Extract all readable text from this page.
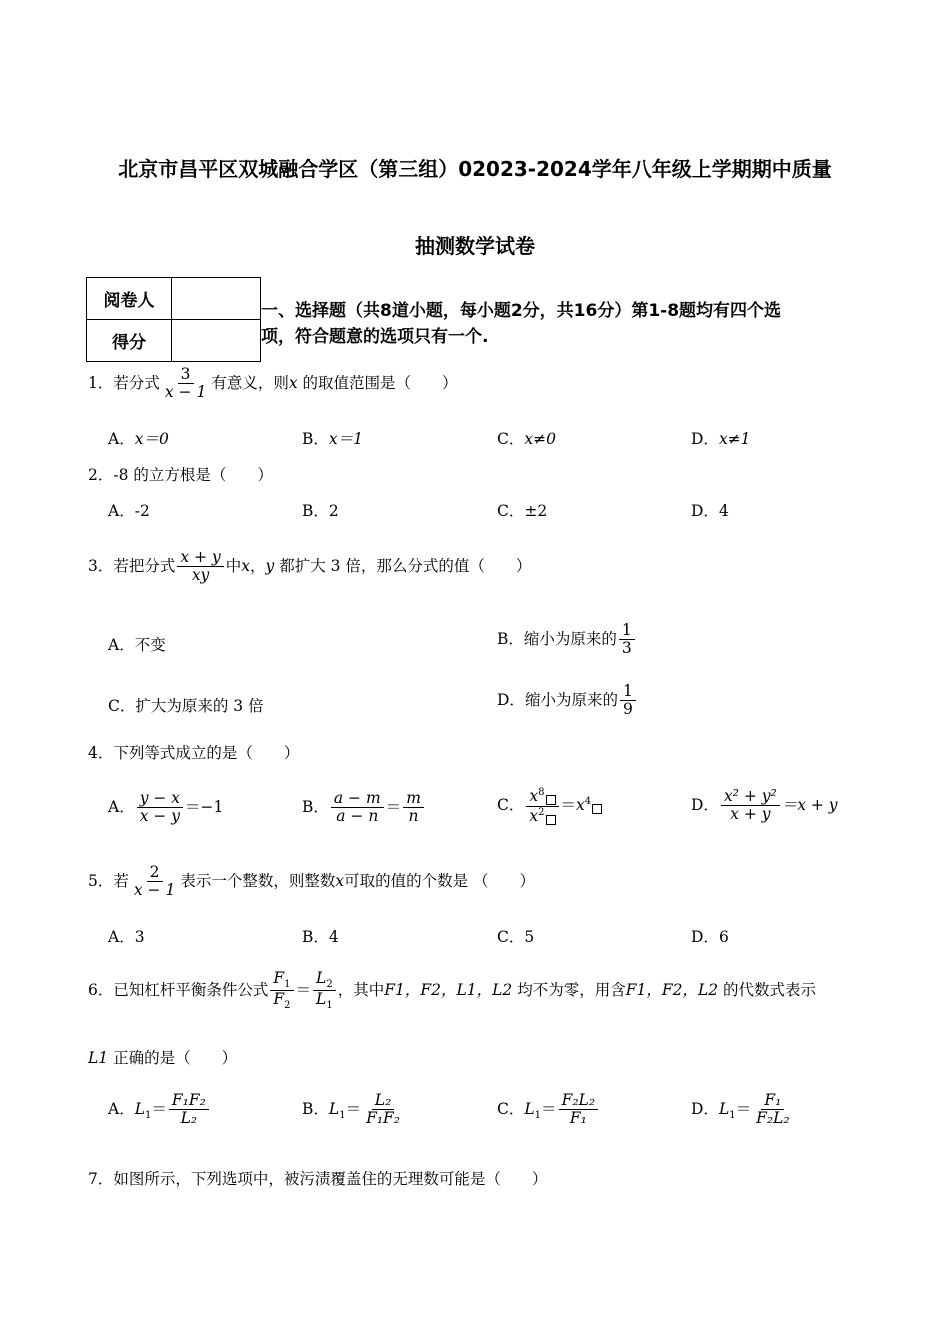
北京市昌平区双城融合学区（第三组）02023-2024学年八年级上学期期中质量
抽测数学试卷
阅卷人	
得分	
一、选择题（共8道小题，每小题2分，共16分）第1-8题均有四个选
项，符合题意的选项只有一个.
1．若分式 $\frac{3}{x - 1}$ 有意义，则x 的取值范围是（　　）
A．x＝0	B．x＝1	C．x≠0	D．x≠1
2．-8 的立方根是（　　）
A．-2	B．2	C．±2	D．4
3．若把分式 $\frac{x + y}{xy}$ 中x，y 都扩大 3 倍，那么分式的值（　　）
A．不变	B．缩小为原来的 $\frac{1}{3}$
C．扩大为原来的 3 倍	D．缩小为原来的 $\frac{1}{9}$
4．下列等式成立的是（　　）
A． $\frac{y - x}{x - y} =-1$	B． $\frac{a - m}{a - n} = \frac{m}{n}$	C． $\frac{x^8}{x^2} =x^4$	D． $\frac{\text{x² + y²}}{x + y} =x + y$
5．若 $\frac{2}{x - 1}$ 表示一个整数，则整数x可取的值的个数是 （　　）
A．3	B．4	C．5	D．6
6．已知杠杆平衡条件公式 $\frac{F_1}{F_2} = \frac{L_2}{L_1}$ ，其中F1，F2，L1，L2 均不为零，用含F1，F2，L2 的代数式表示
L1 正确的是（　　）
A．$L_1= \frac{\text{F₁F₂}}{\text{L₂}}$	B．$L_1= \frac{\text{L₂}}{\text{F₁F₂}}$	C．$L_1= \frac{\text{F₂L₂}}{\text{F₁}}$	D．$L_1= \frac{\text{F₁}}{\text{F₂L₂}}$
7．如图所示，下列选项中，被污渍覆盖住的无理数可能是（　　）
